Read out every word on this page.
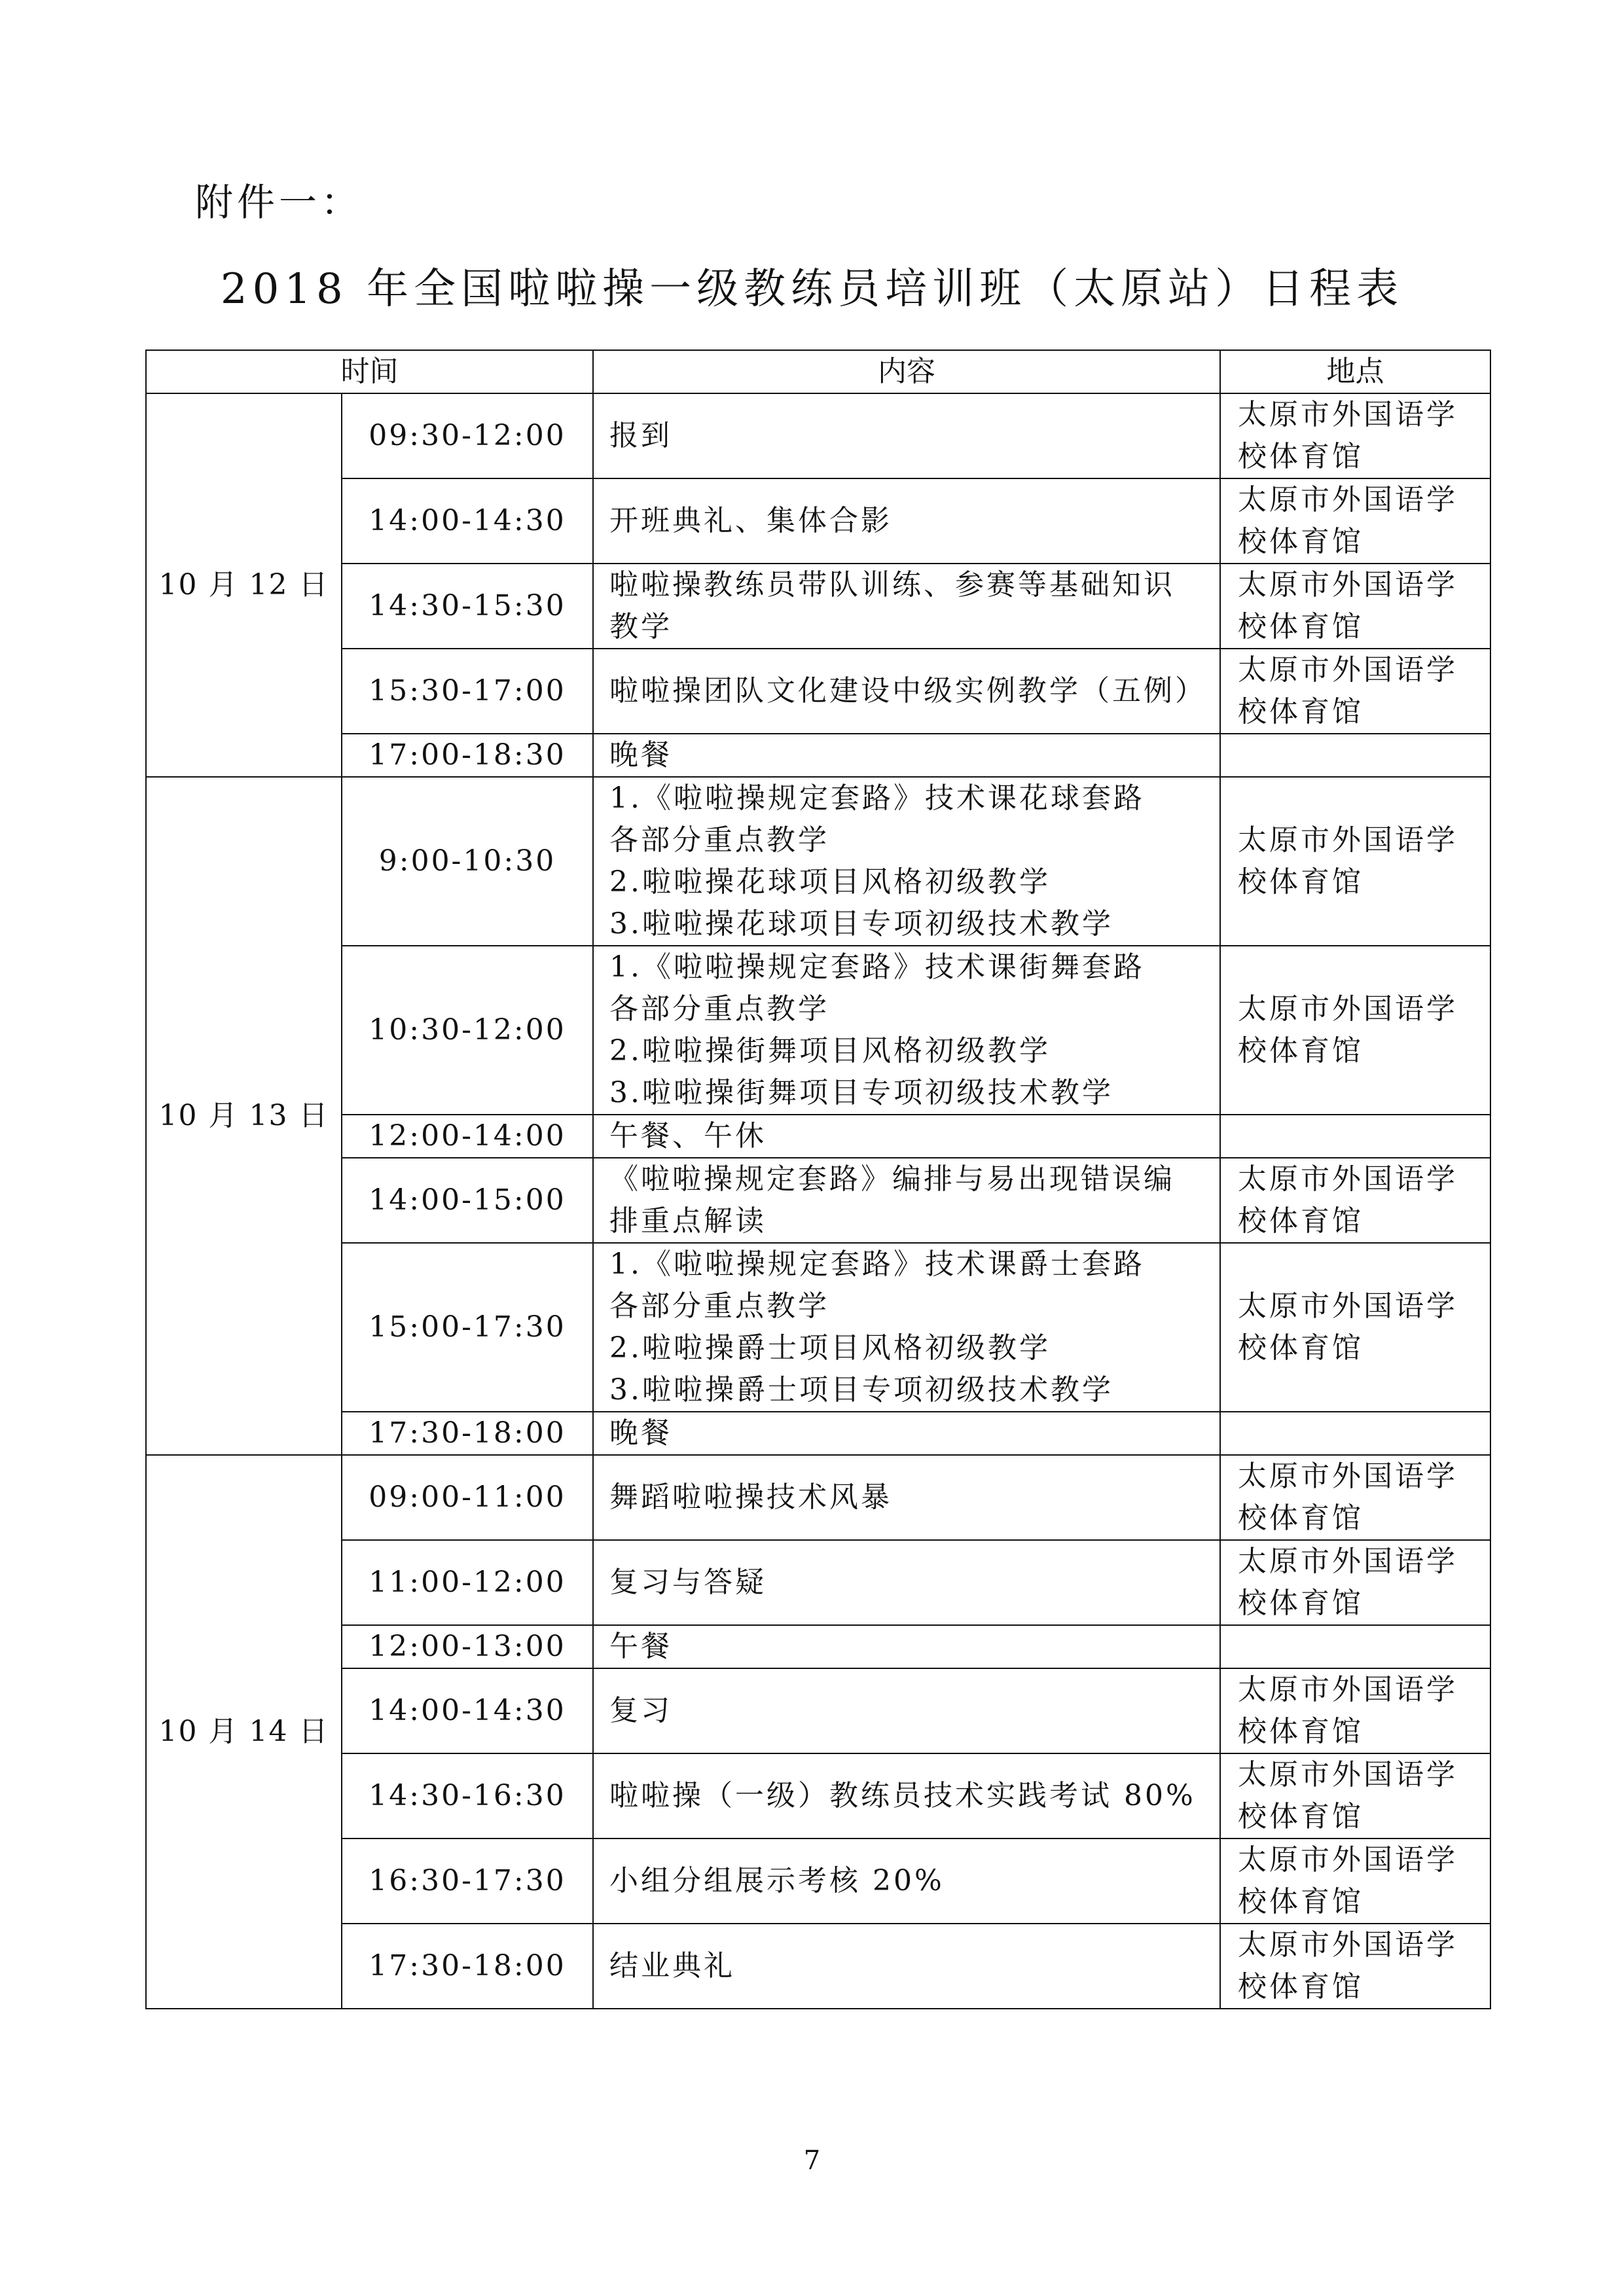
附件一：
2018 年全国啦啦操一级教练员培训班（太原站）日程表
时间		内容	地点
10 月 12 日	09:30-12:00	报到	太原市外国语学
校体育馆

	14:00-14:30	开班典礼、集体合影	太原市外国语学
校体育馆

	14:30-15:30	啦啦操教练员带队训练、参赛等基础知识
教学	太原市外国语学
校体育馆

	15:30-17:00	啦啦操团队文化建设中级实例教学（五例）	太原市外国语学
校体育馆

	17:00-18:30	晚餐	

10 月 13 日	9:00-10:30	1.《啦啦操规定套路》技术课花球套路
各部分重点教学
2.啦啦操花球项目风格初级教学
3.啦啦操花球项目专项初级技术教学	太原市外国语学
校体育馆

	10:30-12:00	1.《啦啦操规定套路》技术课街舞套路
各部分重点教学
2.啦啦操街舞项目风格初级教学
3.啦啦操街舞项目专项初级技术教学	太原市外国语学
校体育馆

	12:00-14:00	午餐、午休	

	14:00-15:00	《啦啦操规定套路》编排与易出现错误编
排重点解读	太原市外国语学
校体育馆

	15:00-17:30	1.《啦啦操规定套路》技术课爵士套路
各部分重点教学
2.啦啦操爵士项目风格初级教学
3.啦啦操爵士项目专项初级技术教学	太原市外国语学
校体育馆

	17:30-18:00	晚餐	

10 月 14 日	09:00-11:00	舞蹈啦啦操技术风暴	太原市外国语学
校体育馆

	11:00-12:00	复习与答疑	太原市外国语学
校体育馆

	12:00-13:00	午餐	

	14:00-14:30	复习	太原市外国语学
校体育馆

	14:30-16:30	啦啦操（一级）教练员技术实践考试 80%	太原市外国语学
校体育馆

	16:30-17:30	小组分组展示考核 20%	太原市外国语学
校体育馆

	17:30-18:00	结业典礼	太原市外国语学
校体育馆
7
